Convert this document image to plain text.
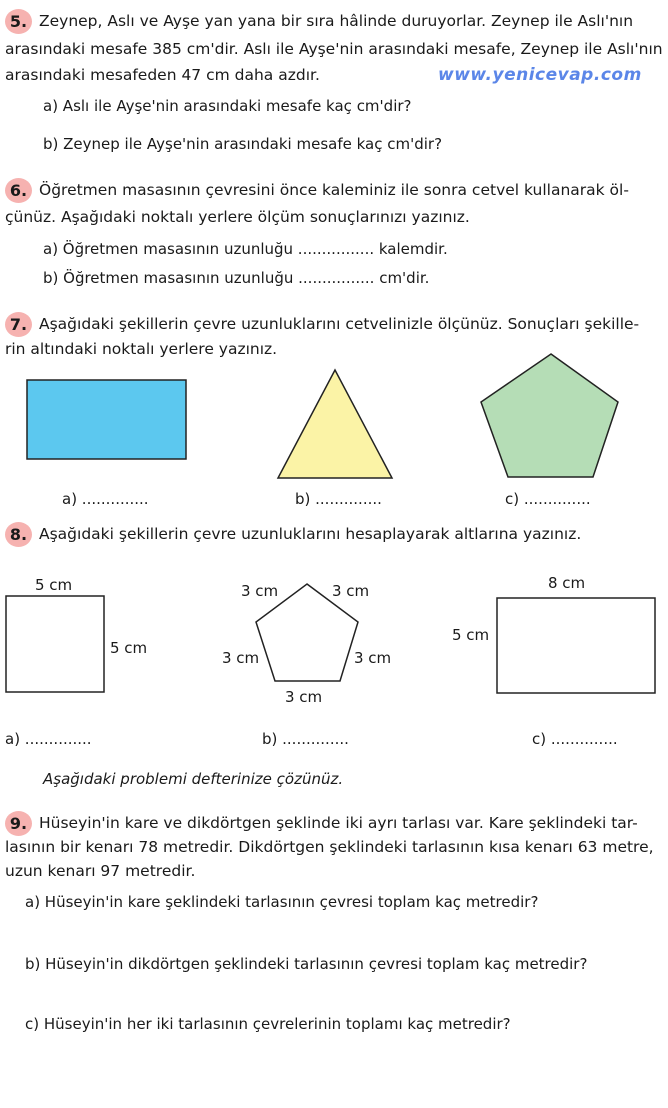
www.yenicevap.com
5. Zeynep, Aslı ve Ayşe yan yana bir sıra hâlinde duruyorlar. Zeynep ile Aslı'nın
arasındaki mesafe 385 cm'dir. Aslı ile Ayşe'nin arasındaki mesafe, Zeynep ile Aslı'nın
arasındaki mesafeden 47 cm daha azdır.
a) Aslı ile Ayşe'nin arasındaki mesafe kaç cm'dir?
b) Zeynep ile Ayşe'nin arasındaki mesafe kaç cm'dir?
6. Öğretmen masasının çevresini önce kaleminiz ile sonra cetvel kullanarak öl-
çünüz. Aşağıdaki noktalı yerlere ölçüm sonuçlarınızı yazınız.
a) Öğretmen masasının uzunluğu ................ kalemdir.
b) Öğretmen masasının uzunluğu ................ cm'dir.
7. Aşağıdaki şekillerin çevre uzunluklarını cetvelinizle ölçünüz. Sonuçları şekille-
rin altındaki noktalı yerlere yazınız.
a) ..............	b) ..............	c) ..............
8. Aşağıdaki şekillerin çevre uzunluklarını hesaplayarak altlarına yazınız.
5 cm
5 cm
3 cm	3 cm
3 cm	3 cm
3 cm
8 cm
5 cm
a) ..............	b) ..............	c) ..............
Aşağıdaki problemi defterinize çözünüz.
9. Hüseyin'in kare ve dikdörtgen şeklinde iki ayrı tarlası var. Kare şeklindeki tar-
lasının bir kenarı 78 metredir. Dikdörtgen şeklindeki tarlasının kısa kenarı 63 metre,
uzun kenarı 97 metredir.
a) Hüseyin'in kare şeklindeki tarlasının çevresi toplam kaç metredir?
b) Hüseyin'in dikdörtgen şeklindeki tarlasının çevresi toplam kaç metredir?
c) Hüseyin'in her iki tarlasının çevrelerinin toplamı kaç metredir?
